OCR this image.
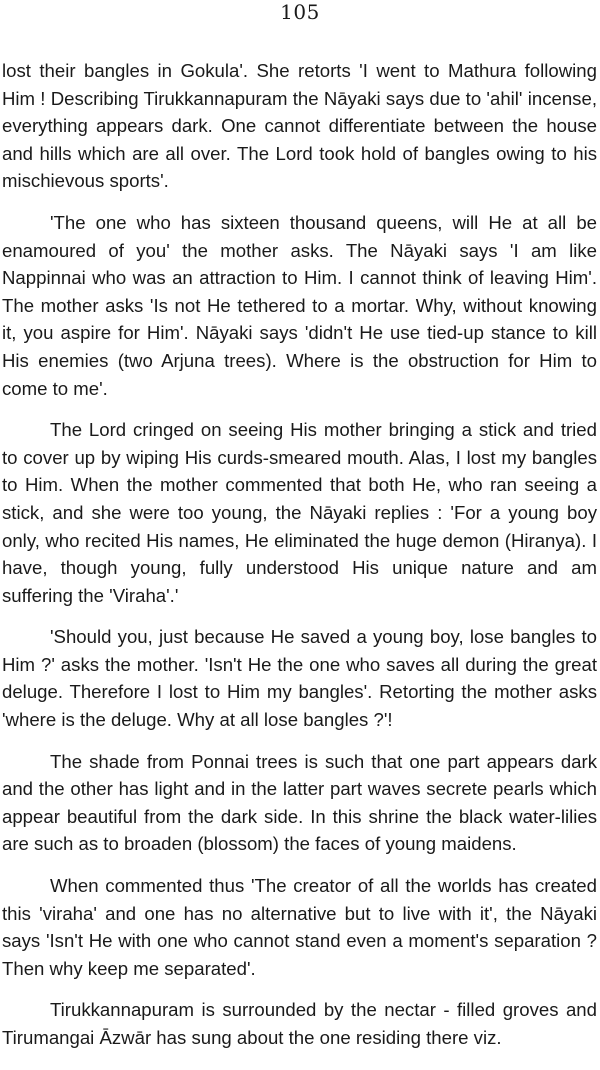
105

lost their bangles in Gokula'. She retorts 'I went to Mathura following Him ! Describing Tirukkannapuram the Nāyaki says due to 'ahil' incense, everything appears dark. One cannot differentiate between the house and hills which are all over. The Lord took hold of bangles owing to his mischievous sports'.

'The one who has sixteen thousand queens, will He at all be enamoured of you' the mother asks. The Nāyaki says 'I am like Nappinnai who was an attraction to Him. I cannot think of leaving Him'. The mother asks 'Is not He tethered to a mortar. Why, without knowing it, you aspire for Him'. Nāyaki says 'didn't He use tied-up stance to kill His enemies (two Arjuna trees). Where is the obstruction for Him to come to me'.

The Lord cringed on seeing His mother bringing a stick and tried to cover up by wiping His curds-smeared mouth. Alas, I lost my bangles to Him. When the mother commented that both He, who ran seeing a stick, and she were too young, the Nāyaki replies : 'For a young boy only, who recited His names, He eliminated the huge demon (Hiranya). I have, though young, fully understood His unique nature and am suffering the 'Viraha'.'

'Should you, just because He saved a young boy, lose bangles to Him ?' asks the mother. 'Isn't He the one who saves all during the great deluge. Therefore I lost to Him my bangles'. Retorting the mother asks 'where is the deluge. Why at all lose bangles ?'!

The shade from Ponnai trees is such that one part appears dark and the other has light and in the latter part waves secrete pearls which appear beautiful from the dark side. In this shrine the black water-lilies are such as to broaden (blossom) the faces of young maidens.

When commented thus 'The creator of all the worlds has created this 'viraha' and one has no alternative but to live with it', the Nāyaki says 'Isn't He with one who cannot stand even a moment's separation ? Then why keep me separated'.

Tirukkannapuram is surrounded by the nectar - filled groves and Tirumangai Āzwār has sung about the one residing there viz.
